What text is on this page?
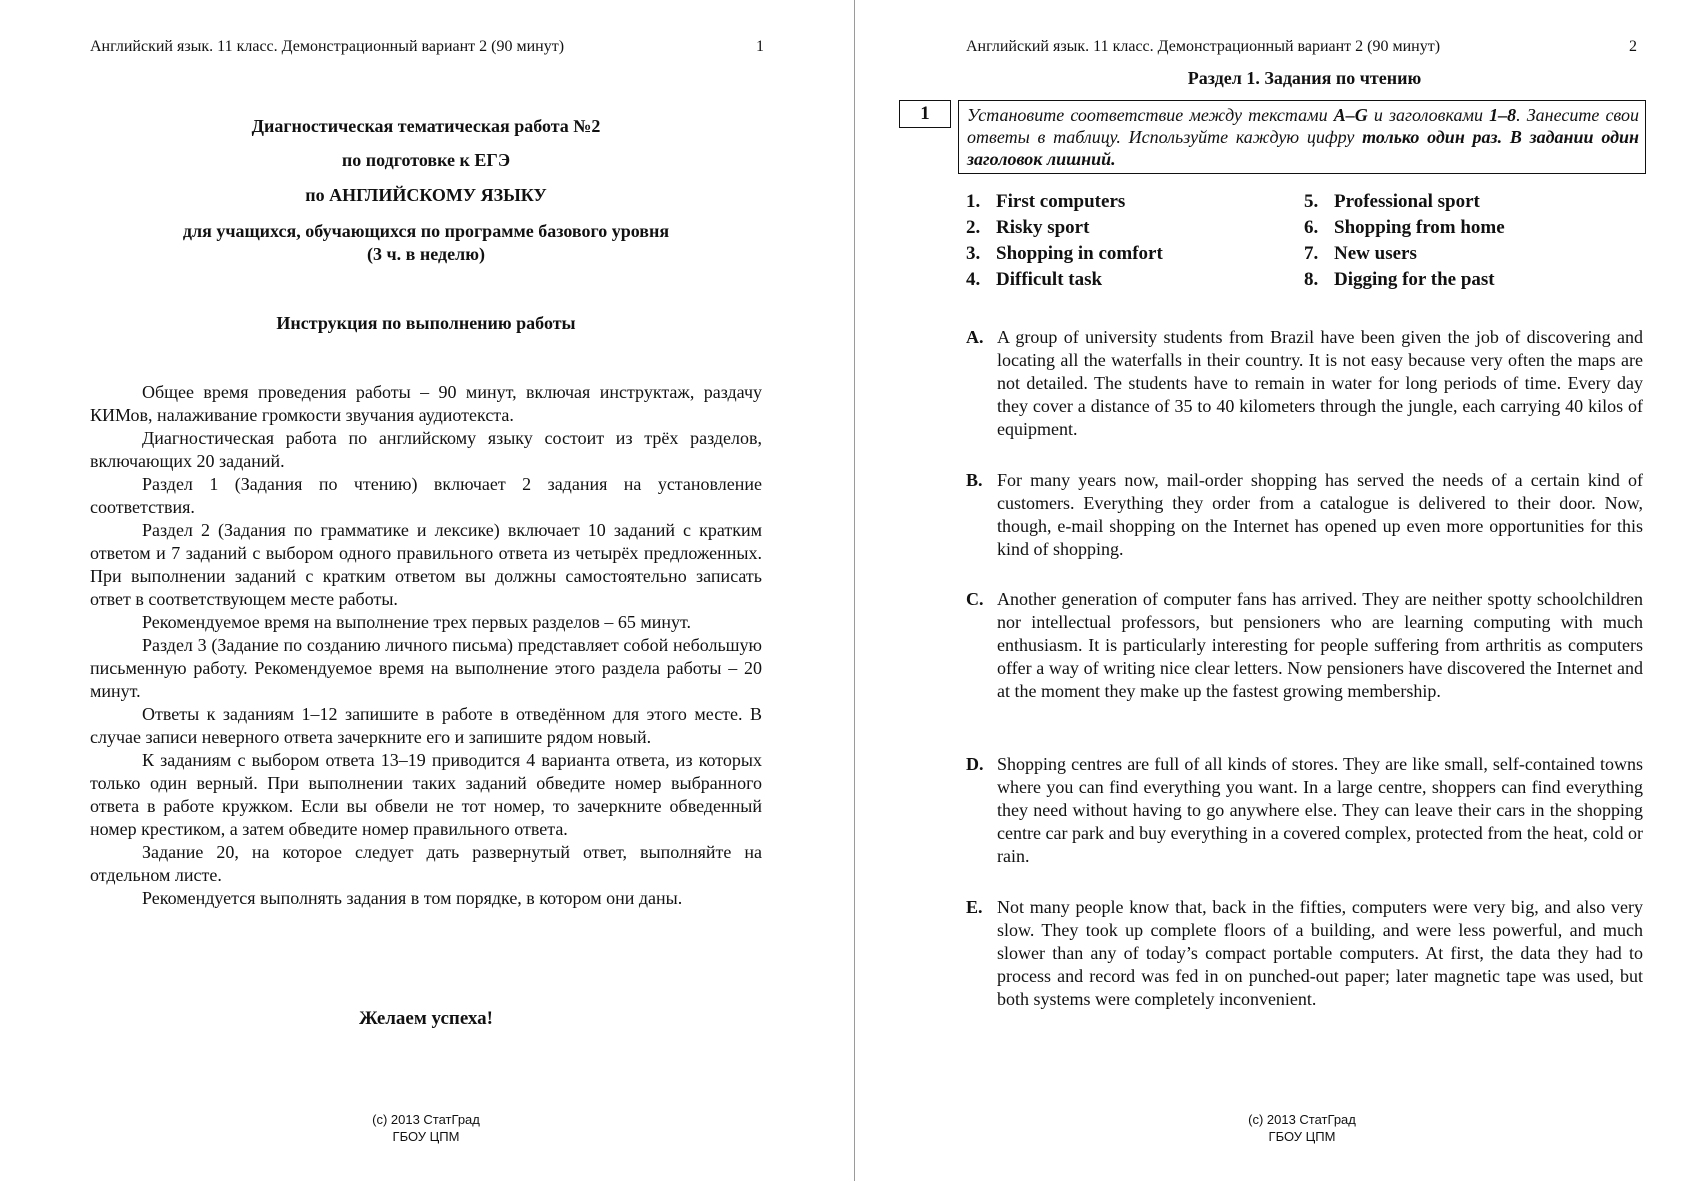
Английский язык. 11 класс. Демонстрационный вариант 2 (90 минут)	1
Диагностическая тематическая работа №2
по подготовке к ЕГЭ
по АНГЛИЙСКОМУ ЯЗЫКУ
для учащихся, обучающихся по программе базового уровня
(3 ч. в неделю)
Инструкция по выполнению работы

Общее время проведения работы – 90 минут, включая инструктаж, раздачу КИМов, налаживание громкости звучания аудиотекста.

Диагностическая работа по английскому языку состоит из трёх разделов, включающих 20 заданий.

Раздел 1 (Задания по чтению) включает 2 задания на установление соответствия.

Раздел 2 (Задания по грамматике и лексике) включает 10 заданий с кратким ответом и 7 заданий с выбором одного правильного ответа из четырёх предложенных. При выполнении заданий с кратким ответом вы должны самостоятельно записать ответ в соответствующем месте работы.

Рекомендуемое время на выполнение трех первых разделов – 65 минут.

Раздел 3 (Задание по созданию личного письма) представляет собой небольшую письменную работу. Рекомендуемое время на выполнение этого раздела работы – 20 минут.

Ответы к заданиям 1–12 запишите в работе в отведённом для этого месте. В случае записи неверного ответа зачеркните его и запишите рядом новый.

К заданиям с выбором ответа 13–19 приводится 4 варианта ответа, из которых только один верный. При выполнении таких заданий обведите номер выбранного ответа в работе кружком. Если вы обвели не тот номер, то зачеркните обведенный номер крестиком, а затем обведите номер правильного ответа.

Задание 20, на которое следует дать развернутый ответ, выполняйте на отдельном листе.

Рекомендуется выполнять задания в том порядке, в котором они даны.

Желаем успеха!
(c) 2013 СтатГрад
ГБОУ ЦПМ
Английский язык. 11 класс. Демонстрационный вариант 2 (90 минут)	2
Раздел 1. Задания по чтению
1	Установите соответствие между текстами A–G и заголовками 1–8. Занесите свои ответы в таблицу. Используйте каждую цифру только один раз. В задании один заголовок лишний.
1. First computers
2. Risky sport
3. Shopping in comfort
4. Difficult task
5. Professional sport
6. Shopping from home
7. New users
8. Digging for the past
A. A group of university students from Brazil have been given the job of discovering and locating all the waterfalls in their country. It is not easy because very often the maps are not detailed. The students have to remain in water for long periods of time. Every day they cover a distance of 35 to 40 kilometers through the jungle, each carrying 40 kilos of equipment.
B. For many years now, mail-order shopping has served the needs of a certain kind of customers. Everything they order from a catalogue is delivered to their door. Now, though, e-mail shopping on the Internet has opened up even more opportunities for this kind of shopping.
C. Another generation of computer fans has arrived. They are neither spotty schoolchildren nor intellectual professors, but pensioners who are learning computing with much enthusiasm. It is particularly interesting for people suffering from arthritis as computers offer a way of writing nice clear letters. Now pensioners have discovered the Internet and at the moment they make up the fastest growing membership.
D. Shopping centres are full of all kinds of stores. They are like small, self-contained towns where you can find everything you want. In a large centre, shoppers can find everything they need without having to go anywhere else. They can leave their cars in the shopping centre car park and buy everything in a covered complex, protected from the heat, cold or rain.
E. Not many people know that, back in the fifties, computers were very big, and also very slow. They took up complete floors of a building, and were less powerful, and much slower than any of today’s compact portable computers. At first, the data they had to process and record was fed in on punched-out paper; later magnetic tape was used, but both systems were completely inconvenient.
(c) 2013 СтатГрад
ГБОУ ЦПМ
